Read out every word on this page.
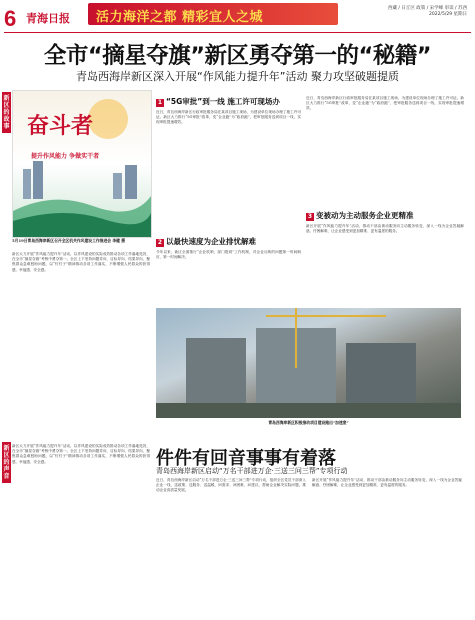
6 青海日报 活力海洋之都 精彩宜人之城
西藏 / 日丘区 政策 / 宋学峰 审读 / 苏西
2022/5/29 星期日
全市“摘星夺旗”新区勇夺第一的“秘籍”
青岛西海岸新区深入开展“作风能力提升年”活动 聚力攻坚破题提质
新区的故事 奋斗者
提升作风能力 争做实干者
5月19日青岛西海岸新区召开全区机关作风建设工作推进会 李健 摄
新区大力开展“作风能力提升年”活动，以作风建设的实际成效推动各项工作落地见效，在全市“摘星夺旗”考核中勇夺第一。全区上下坚持问题导向、目标导向、结果导向，聚焦群众急难愁盼问题，以“钉钉子”精神推动各项工作落实，不断增强人民群众的获得感、幸福感、安全感。
1 “5G审批”到一线 施工许可现场办
近日，青岛西海岸新区行政审批服务局在某项目施工现场，为建设单位现场办理了施工许可证。新区大力推行“5G审批”改革，变“企业跑”为“政府跑”，把审批服务送到项目一线，实现审批提速增效。
2 以最快速度为企业排忧解难
今年以来，新区全面推行“企业吹哨、部门报到”工作机制，对企业反映的问题第一时间响应、第一时间解决。
近日，青岛西海岸新区行政审批服务局在某项目施工现场，为建设单位现场办理了施工许可证。新区大力推行“5G审批”改革，变“企业跑”为“政府跑”，把审批服务送到项目一线，实现审批提速增效。
3 变被动为主动服务企业更精准
新区开展“作风能力提升年”活动，推动干部由被动服务向主动服务转变，深入一线为企业答疑解惑、纾困解难，让企业感受到更加精准、更有温度的服务。
青岛西海岸新区积极推动项目建设跑出“加速度”
新区的声音
件件有回音事事有着落
青岛西海岸新区启动“万名干部进万企·三送三问三帮”专项行动
新区大力开展“作风能力提升年”活动，以作风建设的实际成效推动各项工作落地见效，在全市“摘星夺旗”考核中勇夺第一。全区上下坚持问题导向、目标导向、结果导向，聚焦群众急难愁盼问题，以“钉钉子”精神推动各项工作落实，不断增强人民群众的获得感、幸福感、安全感。
近日，青岛西海岸新区启动“万名干部进万企·三送三问三帮”专项行动，组织全区党员干部深入企业一线，送政策、送服务、送温暖，问需求、问困难、问建议，帮助企业解决实际问题，推动企业高质量发展。
新区开展“作风能力提升年”活动，推动干部由被动服务向主动服务转变，深入一线为企业答疑解惑、纾困解难，让企业感受到更加精准、更有温度的服务。
